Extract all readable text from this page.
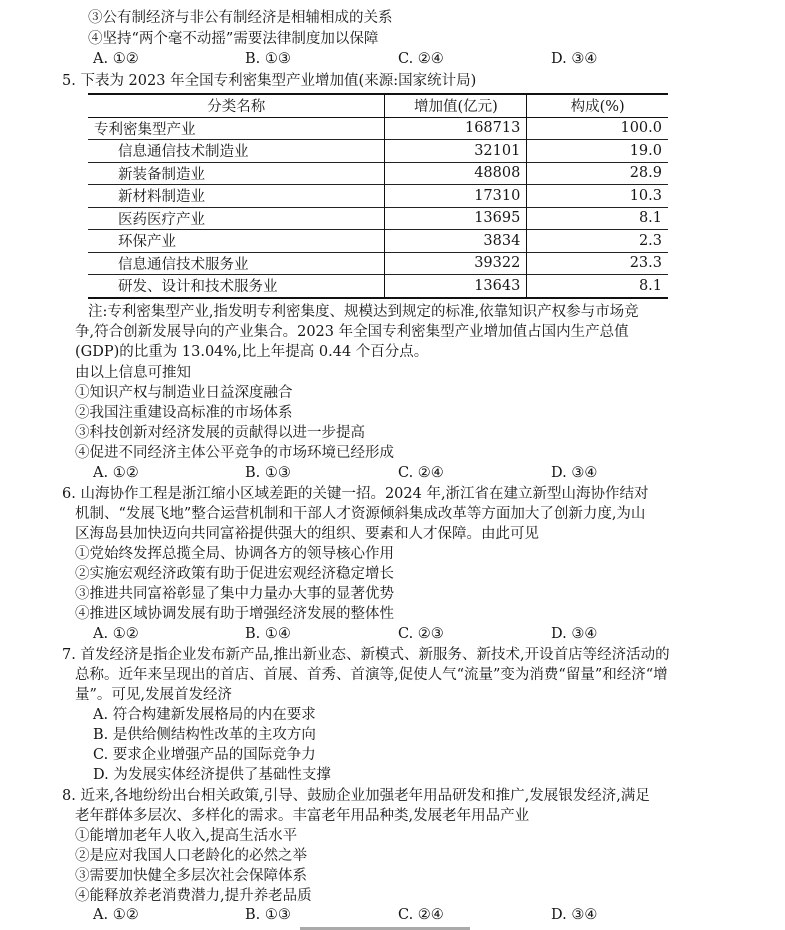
③公有制经济与非公有制经济是相辅相成的关系
④坚持“两个毫不动摇”需要法律制度加以保障
A. ①②	B. ①③	C. ②④	D. ③④
5. 下表为 2023 年全国专利密集型产业增加值(来源:国家统计局)
分类名称	增加值(亿元)	构成(%)
专利密集型产业	168713	100.0
信息通信技术制造业	32101	19.0
新装备制造业	48808	28.9
新材料制造业	17310	10.3
医药医疗产业	13695	8.1
环保产业	3834	2.3
信息通信技术服务业	39322	23.3
研发、设计和技术服务业	13643	8.1
注:专利密集型产业,指发明专利密集度、规模达到规定的标准,依靠知识产权参与市场竞
争,符合创新发展导向的产业集合。2023 年全国专利密集型产业增加值占国内生产总值
(GDP)的比重为 13.04%,比上年提高 0.44 个百分点。
由以上信息可推知
①知识产权与制造业日益深度融合
②我国注重建设高标准的市场体系
③科技创新对经济发展的贡献得以进一步提高
④促进不同经济主体公平竞争的市场环境已经形成
A. ①②	B. ①③	C. ②④	D. ③④
6. 山海协作工程是浙江缩小区域差距的关键一招。2024 年,浙江省在建立新型山海协作结对
机制、“发展飞地”整合运营机制和干部人才资源倾斜集成改革等方面加大了创新力度,为山
区海岛县加快迈向共同富裕提供强大的组织、要素和人才保障。由此可见
①党始终发挥总揽全局、协调各方的领导核心作用
②实施宏观经济政策有助于促进宏观经济稳定增长
③推进共同富裕彰显了集中力量办大事的显著优势
④推进区域协调发展有助于增强经济发展的整体性
A. ①②	B. ①④	C. ②③	D. ③④
7. 首发经济是指企业发布新产品,推出新业态、新模式、新服务、新技术,开设首店等经济活动的
总称。近年来呈现出的首店、首展、首秀、首演等,促使人气“流量”变为消费“留量”和经济“增
量”。可见,发展首发经济
A. 符合构建新发展格局的内在要求
B. 是供给侧结构性改革的主攻方向
C. 要求企业增强产品的国际竞争力
D. 为发展实体经济提供了基础性支撑
8. 近来,各地纷纷出台相关政策,引导、鼓励企业加强老年用品研发和推广,发展银发经济,满足
老年群体多层次、多样化的需求。丰富老年用品种类,发展老年用品产业
①能增加老年人收入,提高生活水平
②是应对我国人口老龄化的必然之举
③需要加快健全多层次社会保障体系
④能释放养老消费潜力,提升养老品质
A. ①②	B. ①③	C. ②④	D. ③④
